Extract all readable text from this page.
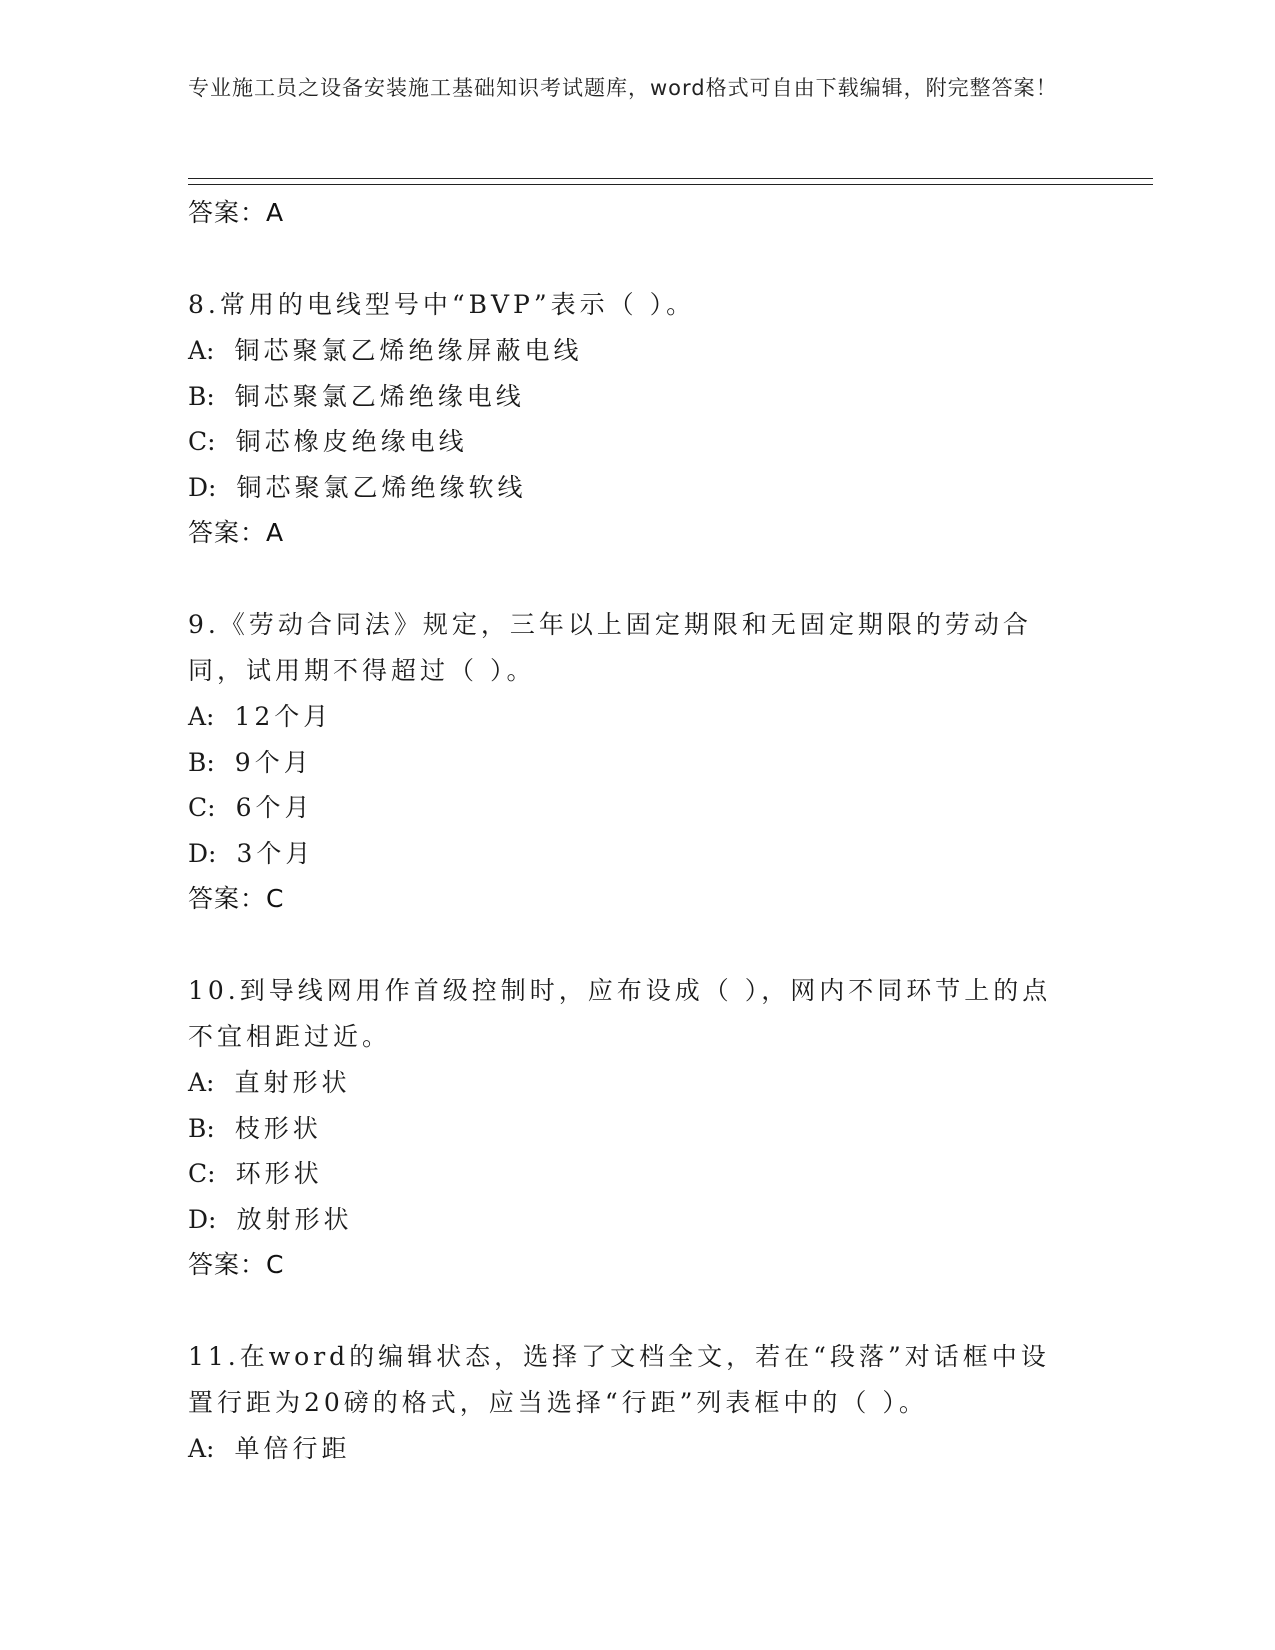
专业施工员之设备安装施工基础知识考试题库，word格式可自由下载编辑，附完整答案！
答案：A

8.常用的电线型号中“BVP”表示（ ）。

A: 铜芯聚氯乙烯绝缘屏蔽电线
B: 铜芯聚氯乙烯绝缘电线
C: 铜芯橡皮绝缘电线
D: 铜芯聚氯乙烯绝缘软线
答案：A

9.《劳动合同法》规定，三年以上固定期限和无固定期限的劳动合同，试用期不得超过（ ）。

A: 12个月
B: 9个月
C: 6个月
D: 3个月
答案：C

10.到导线网用作首级控制时，应布设成（ ），网内不同环节上的点不宜相距过近。

A: 直射形状
B: 枝形状
C: 环形状
D: 放射形状
答案：C

11.在word的编辑状态，选择了文档全文，若在“段落”对话框中设置行距为20磅的格式，应当选择“行距”列表框中的（ ）。

A: 单倍行距
